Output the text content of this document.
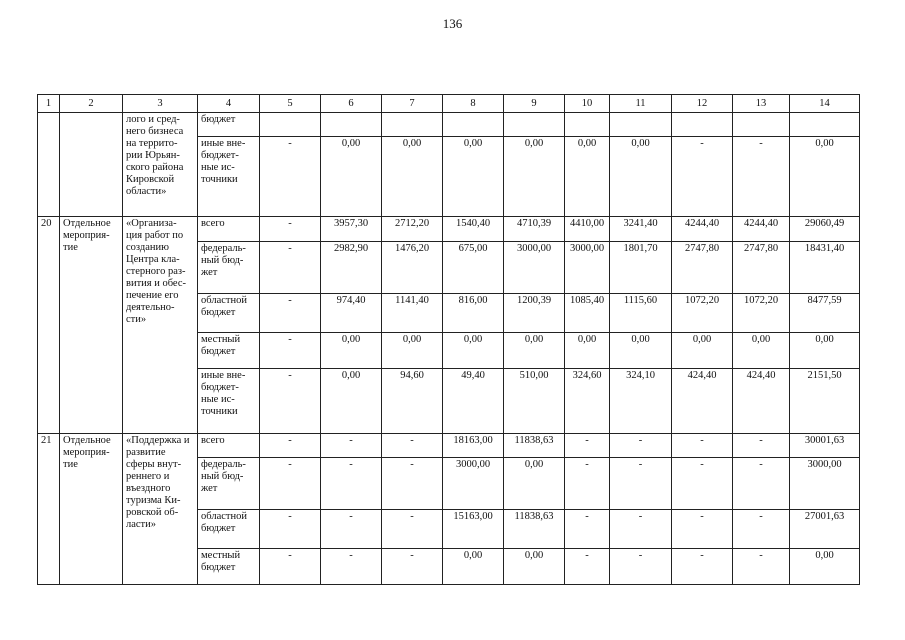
136
1	2	3	4	5	6	7	8	9	10	11	12	13	14
		лого и сред- него бизнеса на террито- рии Юрьян- ского района Кировской области»	бюджет										
			иные вне- бюджет- ные ис- точники	-	0,00	0,00	0,00	0,00	0,00	0,00	-	-	0,00
20	Отдельное мероприя- тие	«Организа- ция работ по созданию Центра кла- стерного раз- вития и обес- печение его деятельно- сти»	всего	-	3957,30	2712,20	1540,40	4710,39	4410,00	3241,40	4244,40	4244,40	29060,49
			федераль- ный бюд- жет	-	2982,90	1476,20	675,00	3000,00	3000,00	1801,70	2747,80	2747,80	18431,40
			областной бюджет	-	974,40	1141,40	816,00	1200,39	1085,40	1115,60	1072,20	1072,20	8477,59
			местный бюджет	-	0,00	0,00	0,00	0,00	0,00	0,00	0,00	0,00	0,00
			иные вне- бюджет- ные ис- точники	-	0,00	94,60	49,40	510,00	324,60	324,10	424,40	424,40	2151,50
21	Отдельное мероприя- тие	«Поддержка и развитие сферы внут- реннего и въездного туризма Ки- ровской об- ласти»	всего	-	-	-	18163,00	11838,63	-	-	-	-	30001,63
			федераль- ный бюд- жет	-	-	-	3000,00	0,00	-	-	-	-	3000,00
			областной бюджет	-	-	-	15163,00	11838,63	-	-	-	-	27001,63
			местный бюджет	-	-	-	0,00	0,00	-	-	-	-	0,00
